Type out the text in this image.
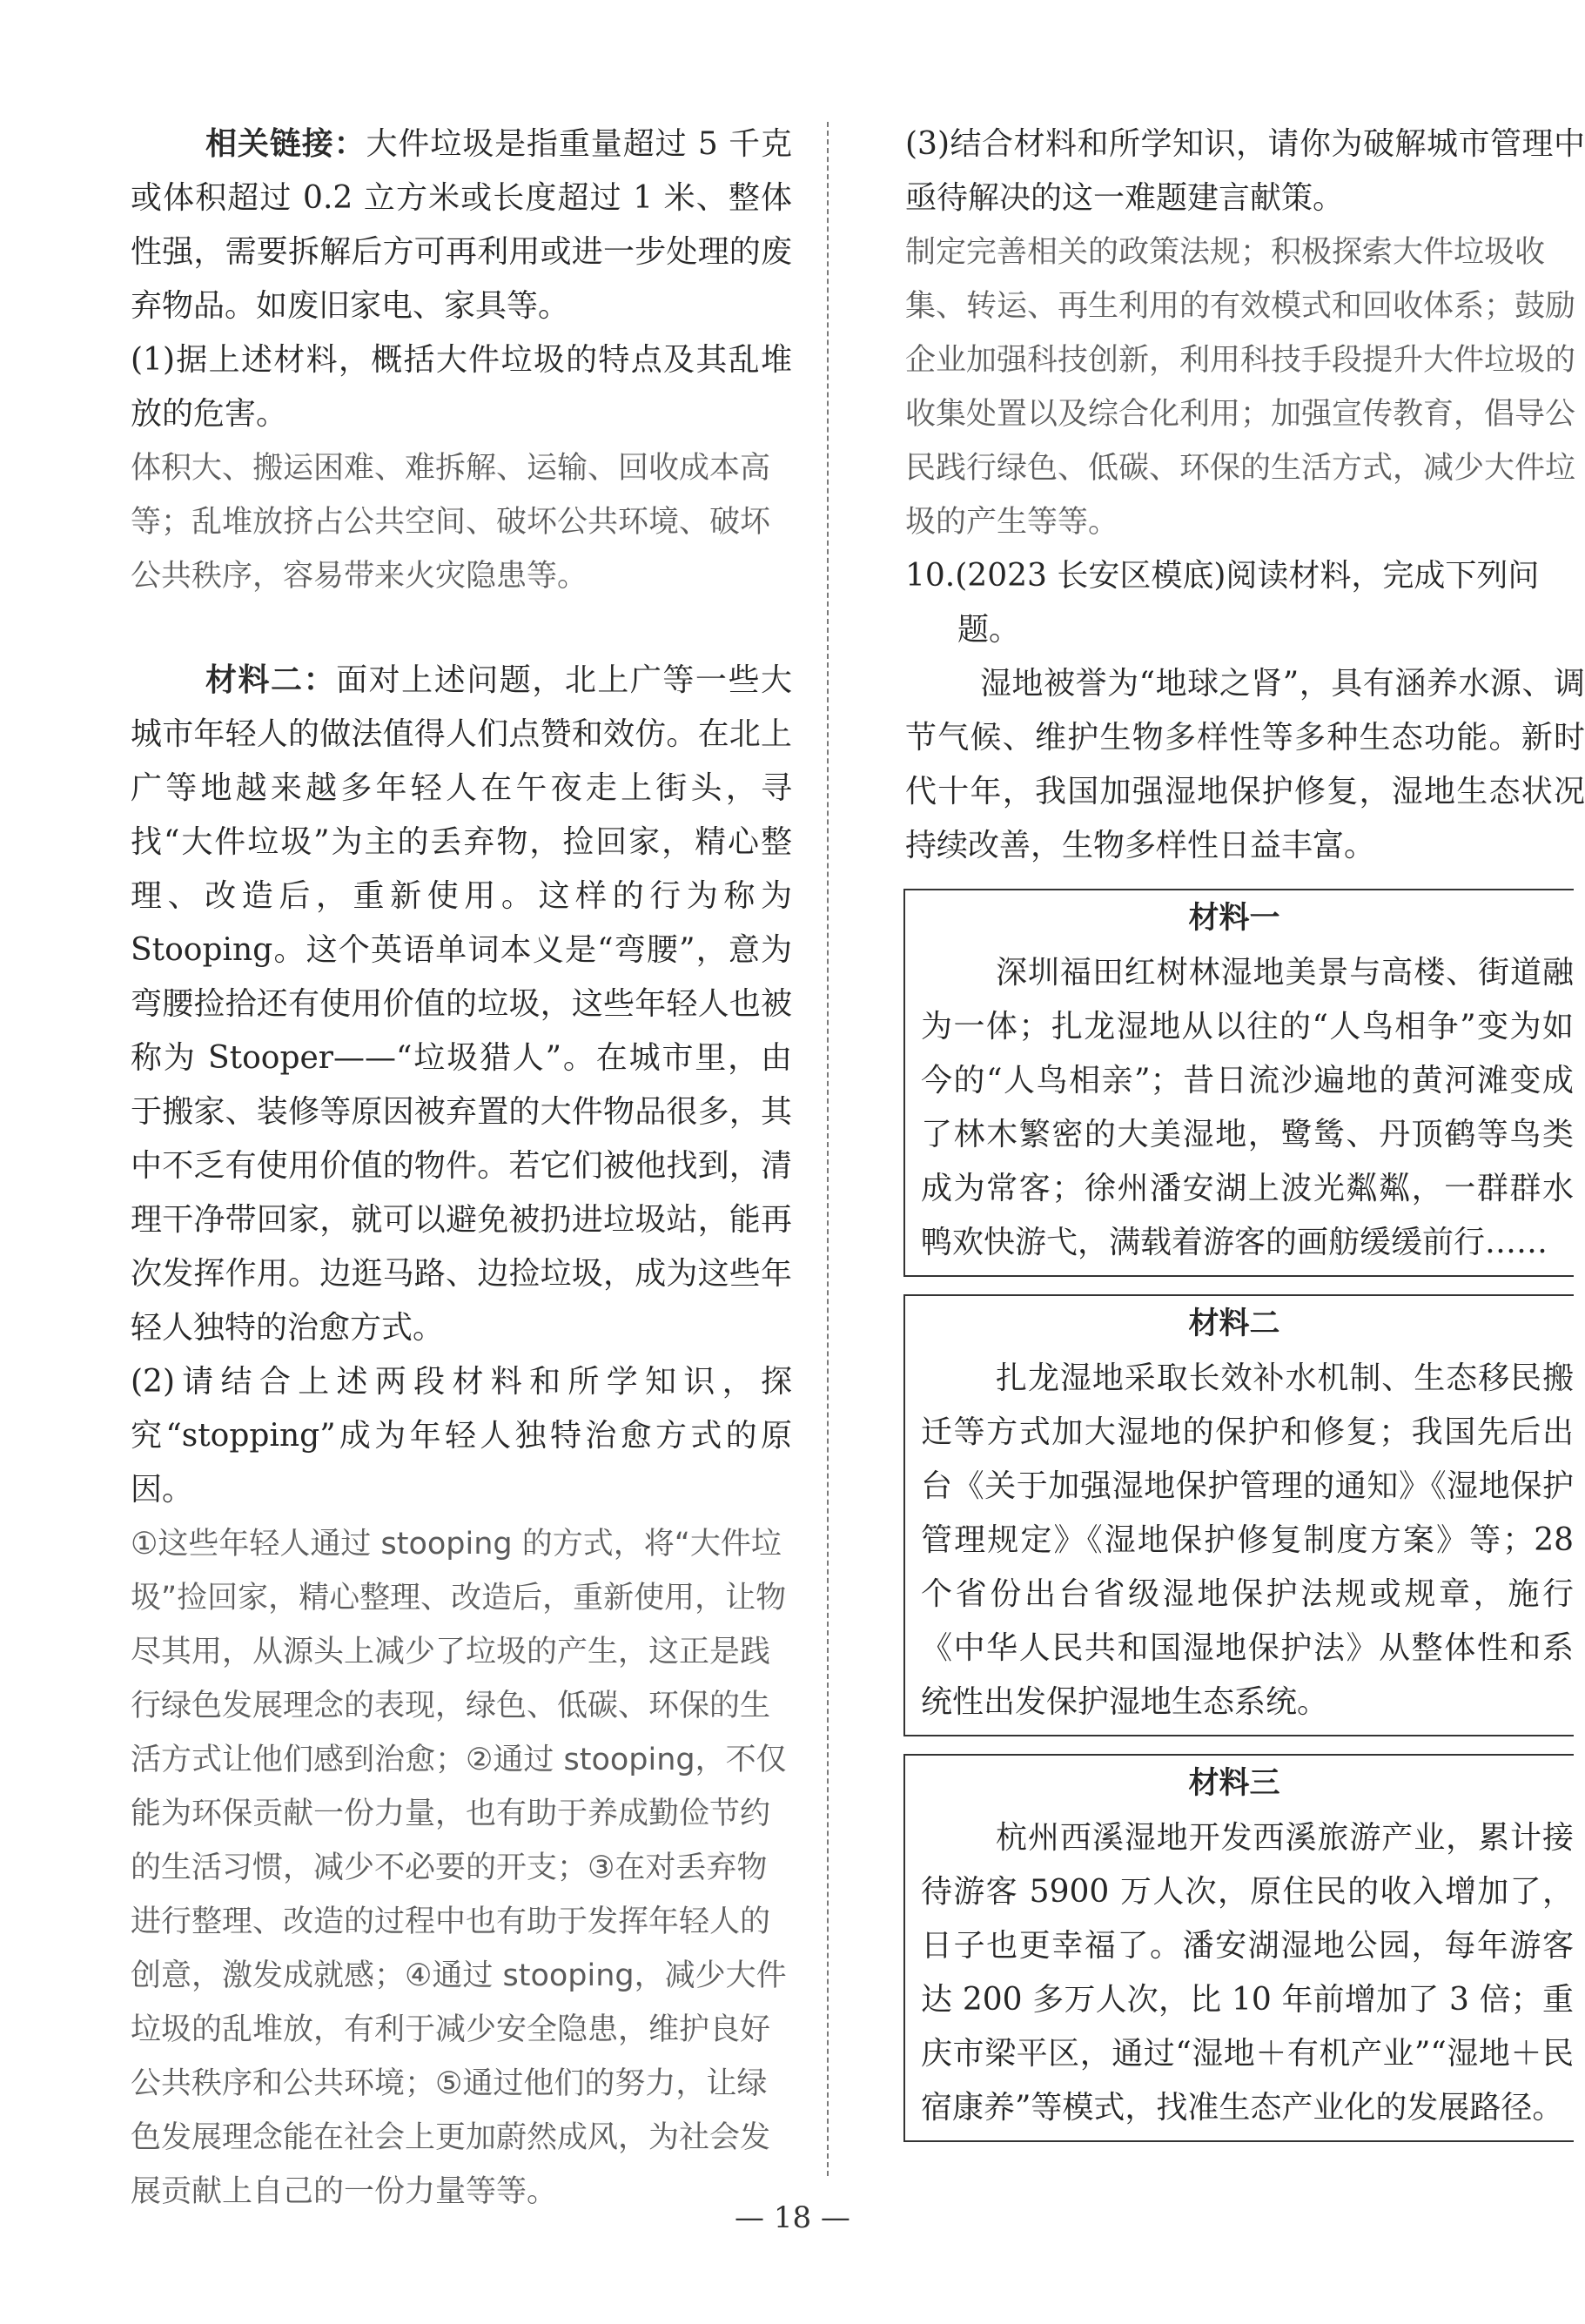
相关链接：大件垃圾是指重量超过 5 千克或体积超过 0.2 立方米或长度超过 1 米、整体性强，需要拆解后方可再利用或进一步处理的废弃物品。如废旧家电、家具等。

(1)据上述材料，概括大件垃圾的特点及其乱堆放的危害。

体积大、搬运困难、难拆解、运输、回收成本高等；乱堆放挤占公共空间、破坏公共环境、破坏公共秩序，容易带来火灾隐患等。

材料二：面对上述问题，北上广等一些大城市年轻人的做法值得人们点赞和效仿。在北上广等地越来越多年轻人在午夜走上街头，寻找“大件垃圾”为主的丢弃物，捡回家，精心整理、改造后，重新使用。这样的行为称为 Stooping。这个英语单词本义是“弯腰”，意为弯腰捡拾还有使用价值的垃圾，这些年轻人也被称为 Stooper——“垃圾猎人”。在城市里，由于搬家、装修等原因被弃置的大件物品很多，其中不乏有使用价值的物件。若它们被他找到，清理干净带回家，就可以避免被扔进垃圾站，能再次发挥作用。边逛马路、边捡垃圾，成为这些年轻人独特的治愈方式。

(2)请结合上述两段材料和所学知识，探究“stopping”成为年轻人独特治愈方式的原因。

①这些年轻人通过 stooping 的方式，将“大件垃圾”捡回家，精心整理、改造后，重新使用，让物尽其用，从源头上减少了垃圾的产生，这正是践行绿色发展理念的表现，绿色、低碳、环保的生活方式让他们感到治愈；②通过 stooping，不仅能为环保贡献一份力量，也有助于养成勤俭节约的生活习惯，减少不必要的开支；③在对丢弃物进行整理、改造的过程中也有助于发挥年轻人的创意，激发成就感；④通过 stooping，减少大件垃圾的乱堆放，有利于减少安全隐患，维护良好公共秩序和公共环境；⑤通过他们的努力，让绿色发展理念能在社会上更加蔚然成风，为社会发展贡献上自己的一份力量等等。

(3)结合材料和所学知识，请你为破解城市管理中亟待解决的这一难题建言献策。

制定完善相关的政策法规；积极探索大件垃圾收集、转运、再生利用的有效模式和回收体系；鼓励企业加强科技创新，利用科技手段提升大件垃圾的收集处置以及综合化利用；加强宣传教育，倡导公民践行绿色、低碳、环保的生活方式，减少大件垃圾的产生等等。

10.(2023 长安区模底)阅读材料，完成下列问题。

湿地被誉为“地球之肾”，具有涵养水源、调节气候、维护生物多样性等多种生态功能。新时代十年，我国加强湿地保护修复，湿地生态状况持续改善，生物多样性日益丰富。

材料一

深圳福田红树林湿地美景与高楼、街道融为一体；扎龙湿地从以往的“人鸟相争”变为如今的“人鸟相亲”；昔日流沙遍地的黄河滩变成了林木繁密的大美湿地，鹭鸶、丹顶鹤等鸟类成为常客；徐州潘安湖上波光粼粼，一群群水鸭欢快游弋，满载着游客的画舫缓缓前行……

材料二

扎龙湿地采取长效补水机制、生态移民搬迁等方式加大湿地的保护和修复；我国先后出台《关于加强湿地保护管理的通知》《湿地保护管理规定》《湿地保护修复制度方案》等；28 个省份出台省级湿地保护法规或规章，施行《中华人民共和国湿地保护法》从整体性和系统性出发保护湿地生态系统。

材料三

杭州西溪湿地开发西溪旅游产业，累计接待游客 5900 万人次，原住民的收入增加了，日子也更幸福了。潘安湖湿地公园，每年游客达 200 多万人次，比 10 年前增加了 3 倍；重庆市梁平区，通过“湿地＋有机产业”“湿地＋民宿康养”等模式，找准生态产业化的发展路径。

— 18 —
